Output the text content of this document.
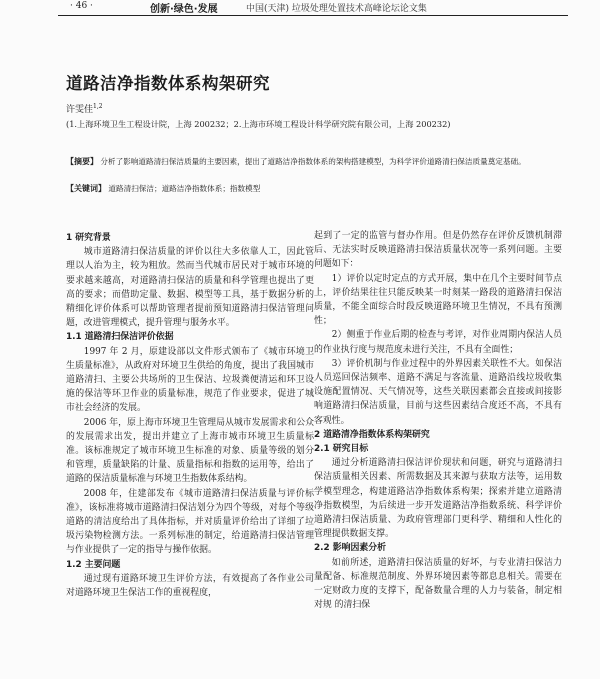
· 46 ·	创新·绿色·发展	中国(天津) 垃圾处理处置技术高峰论坛论文集
道路洁净指数体系构架研究
许雯佳$^{1,2}$
(1.上海环境卫生工程设计院，上海 200232；2.上海市环境工程设计科学研究院有限公司，上海 200232)
【摘要】 分析了影响道路清扫保洁质量的主要因素，提出了道路洁净指数体系的架构搭建模型，为科学评价道路清扫保洁质量奠定基础。
【关键词】 道路清扫保洁；道路洁净指数体系；指数模型

1 研究背景

城市道路清扫保洁质量的评价以往大多依靠人工，因此管理以人治为主，较为粗放。然而当代城市居民对于城市环境的要求越来越高，对道路清扫保洁的质量和科学管理也提出了更高的要求；而借助定量、数据、模型等工具，基于数据分析的精细化评价体系可以帮助管理者提前预知道路清扫保洁管理问题，改进管理模式，提升管理与服务水平。

1.1 道路清扫保洁评价依据

1997 年 2 月，原建设部以文件形式颁布了《城市环境卫生质量标准》，从政府对环境卫生供给的角度，提出了我国城市道路清扫、主要公共场所的卫生保洁、垃圾粪便清运和环卫设施的保洁等环卫作业的质量标准，规范了作业要求，促进了城市社会经济的发展。

2006 年，原上海市环境卫生管理局从城市发展需求和公众的发展需求出发，提出并建立了上海市城市环境卫生质量标准。该标准规定了城市环境卫生标准的对象、质量等级的划分和管理，质量缺陷的计量、质量指标和指数的运用等，给出了道路的保洁质量标准与环境卫生指数体系结构。

2008 年，住建部发布《城市道路清扫保洁质量与评价标准》，该标准将城市道路清扫保洁划分为四个等级，对每个等级道路的清洁度给出了具体指标，并对质量评价给出了详细了垃圾污染物检测方法。一系列标准的制定，给道路清扫保洁管理与作业提供了一定的指导与操作依据。

1.2 主要问题

通过现有道路环境卫生评价方法，有效提高了各作业公司对道路环境卫生保洁工作的重视程度，

起到了一定的监管与督办作用。但是仍然存在评价反馈机制滞后、无法实时反映道路清扫保洁质量状况等一系列问题。主要问题如下：

1）评价以定时定点的方式开展，集中在几个主要时间节点上，评价结果往往只能反映某一时刻某一路段的道路清扫保洁质量，不能全面综合时段反映道路环境卫生情况，不具有预测性；

2）侧重于作业后期的检查与考评，对作业周期内保洁人员的作业执行度与规范度未进行关注，不具有全面性；

3）评价机制与作业过程中的外界因素关联性不大。如保洁人员巡回保洁频率、道路不满足与客流量、道路沿线垃圾收集设施配置情况、天气情况等，这些关联因素都会直接或间接影响道路清扫保洁质量，目前与这些因素结合度还不高，不具有客观性。

2 道路清净指数体系构架研究

2.1 研究目标

通过分析道路清扫保洁评价现状和问题，研究与道路清扫保洁质量相关因素、所需数据及其来源与获取方法等，运用数学模型理念，构建道路洁净指数体系构架；探索并建立道路清净指数模型，为后续进一步开发道路洁净指数系统、科学评价道路清扫保洁质量、为政府管理部门更科学、精细和人性化的管理提供数据支撑。

2.2 影响因素分析

如前所述，道路清扫保洁质量的好坏，与专业清扫保洁力量配备、标准规范制度、外界环境因素等都息息相关。需要在一定财政力度的支撑下，配备数量合理的人力与装备，制定相对规 的清扫保
